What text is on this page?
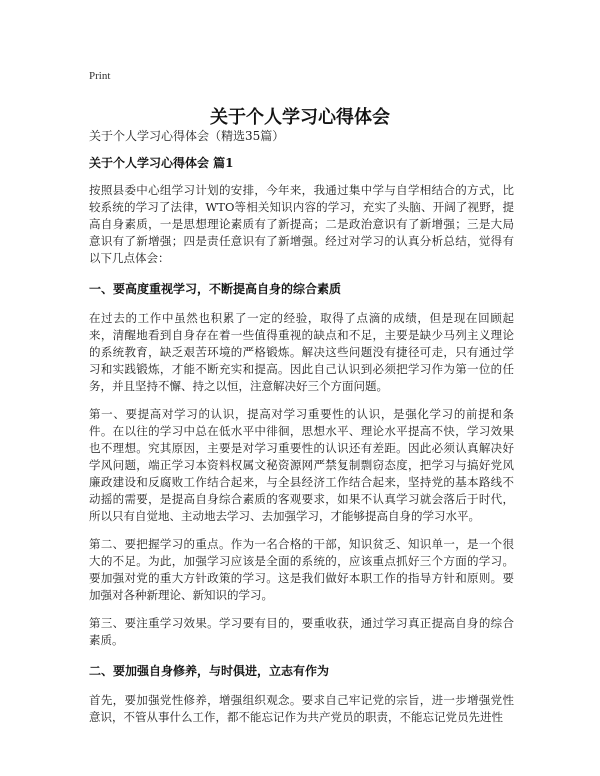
Print
关于个人学习心得体会

关于个人学习心得体会（精选35篇）

关于个人学习心得体会 篇1

按照县委中心组学习计划的安排，今年来，我通过集中学与自学相结合的方式，比较系统的学习了法律，WTO等相关知识内容的学习，充实了头脑、开阔了视野，提高自身素质，一是思想理论素质有了新提高；二是政治意识有了新增强；三是大局意识有了新增强；四是责任意识有了新增强。经过对学习的认真分析总结，觉得有以下几点体会：

一、要高度重视学习，不断提高自身的综合素质

在过去的工作中虽然也积累了一定的经验，取得了点滴的成绩，但是现在回顾起来，清醒地看到自身存在着一些值得重视的缺点和不足，主要是缺少马列主义理论的系统教育，缺乏艰苦环境的严格锻炼。解决这些问题没有捷径可走，只有通过学习和实践锻炼，才能不断充实和提高。因此自己认识到必须把学习作为第一位的任务，并且坚持不懈、持之以恒，注意解决好三个方面问题。

第一、要提高对学习的认识，提高对学习重要性的认识，是强化学习的前提和条件。在以往的学习中总在低水平中徘徊，思想水平、理论水平提高不快，学习效果也不理想。究其原因，主要是对学习重要性的认识还有差距。因此必须认真解决好学风问题，端正学习本资料权属文秘资源网严禁复制剽窃态度，把学习与搞好党风廉政建设和反腐败工作结合起来，与全县经济工作结合起来，坚持党的基本路线不动摇的需要，是提高自身综合素质的客观要求，如果不认真学习就会落后于时代，所以只有自觉地、主动地去学习、去加强学习，才能够提高自身的学习水平。

第二、要把握学习的重点。作为一名合格的干部，知识贫乏、知识单一，是一个很大的不足。为此，加强学习应该是全面的系统的，应该重点抓好三个方面的学习。要加强对党的重大方针政策的学习。这是我们做好本职工作的指导方针和原则。要加强对各种新理论、新知识的学习。

第三、要注重学习效果。学习要有目的，要重收获，通过学习真正提高自身的综合素质。

二、要加强自身修养，与时俱进，立志有作为

首先，要加强党性修养，增强组织观念。要求自己牢记党的宗旨，进一步增强党性意识，不管从事什么工作，都不能忘记作为共产党员的职责，不能忘记党员先进性
